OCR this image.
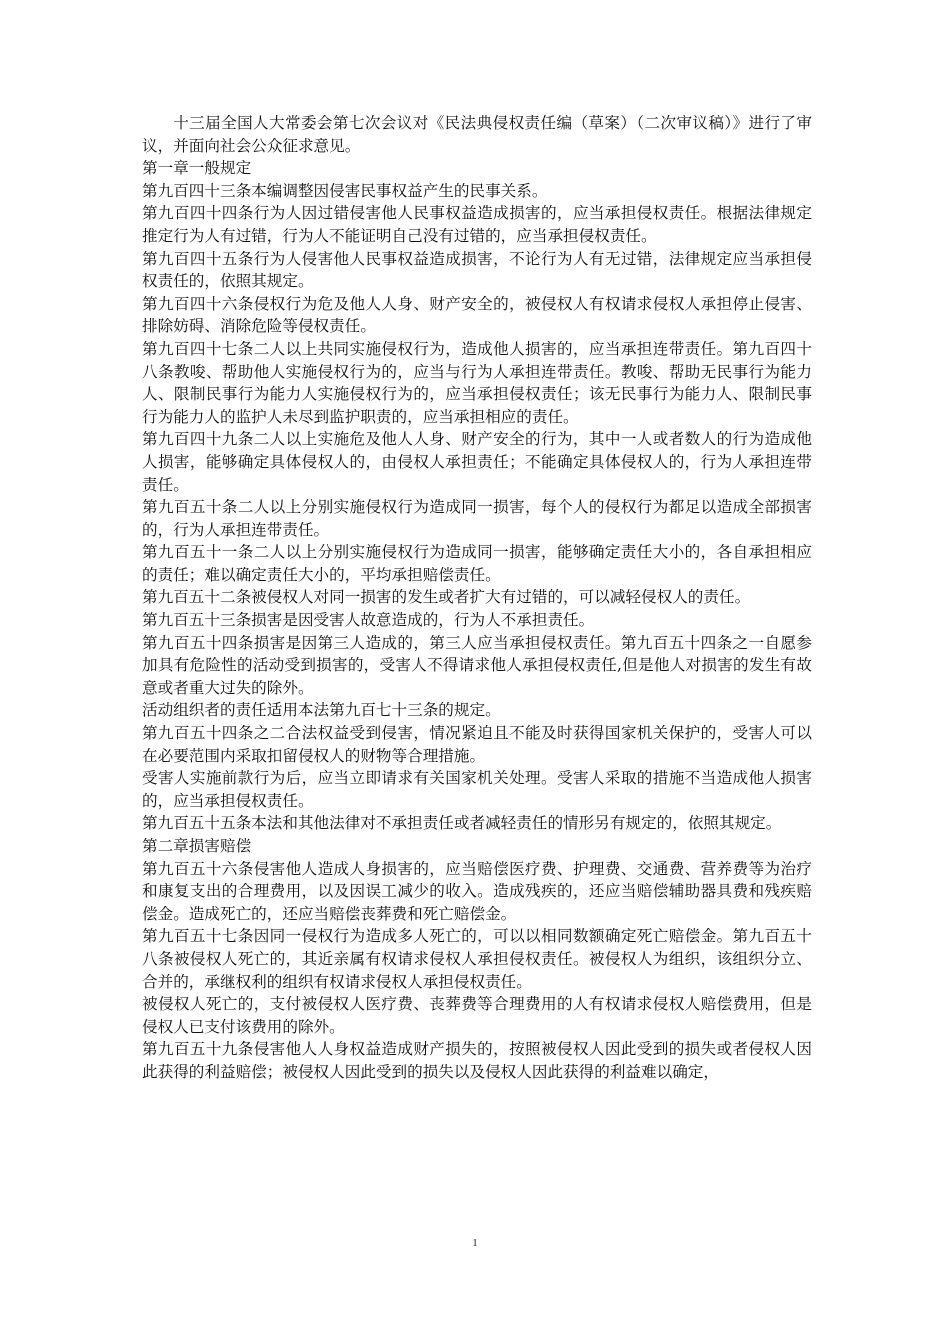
十三届全国人大常委会第七次会议对《民法典侵权责任编（草案）（二次审议稿）》进行了审议，并面向社会公众征求意见。

第一章一般规定

第九百四十三条本编调整因侵害民事权益产生的民事关系。

第九百四十四条行为人因过错侵害他人民事权益造成损害的，应当承担侵权责任。根据法律规定推定行为人有过错，行为人不能证明自己没有过错的，应当承担侵权责任。

第九百四十五条行为人侵害他人民事权益造成损害，不论行为人有无过错，法律规定应当承担侵权责任的，依照其规定。

第九百四十六条侵权行为危及他人人身、财产安全的，被侵权人有权请求侵权人承担停止侵害、排除妨碍、消除危险等侵权责任。

第九百四十七条二人以上共同实施侵权行为，造成他人损害的，应当承担连带责任。第九百四十八条教唆、帮助他人实施侵权行为的，应当与行为人承担连带责任。教唆、帮助无民事行为能力人、限制民事行为能力人实施侵权行为的，应当承担侵权责任；该无民事行为能力人、限制民事行为能力人的监护人未尽到监护职责的，应当承担相应的责任。

第九百四十九条二人以上实施危及他人人身、财产安全的行为，其中一人或者数人的行为造成他人损害，能够确定具体侵权人的，由侵权人承担责任；不能确定具体侵权人的，行为人承担连带责任。

第九百五十条二人以上分别实施侵权行为造成同一损害，每个人的侵权行为都足以造成全部损害的，行为人承担连带责任。

第九百五十一条二人以上分别实施侵权行为造成同一损害，能够确定责任大小的，各自承担相应的责任；难以确定责任大小的，平均承担赔偿责任。

第九百五十二条被侵权人对同一损害的发生或者扩大有过错的，可以减轻侵权人的责任。

第九百五十三条损害是因受害人故意造成的，行为人不承担责任。

第九百五十四条损害是因第三人造成的，第三人应当承担侵权责任。第九百五十四条之一自愿参加具有危险性的活动受到损害的，受害人不得请求他人承担侵权责任,但是他人对损害的发生有故意或者重大过失的除外。

活动组织者的责任适用本法第九百七十三条的规定。

第九百五十四条之二合法权益受到侵害，情况紧迫且不能及时获得国家机关保护的，受害人可以在必要范围内采取扣留侵权人的财物等合理措施。

受害人实施前款行为后，应当立即请求有关国家机关处理。受害人采取的措施不当造成他人损害的，应当承担侵权责任。

第九百五十五条本法和其他法律对不承担责任或者减轻责任的情形另有规定的，依照其规定。

第二章损害赔偿

第九百五十六条侵害他人造成人身损害的，应当赔偿医疗费、护理费、交通费、营养费等为治疗和康复支出的合理费用，以及因误工减少的收入。造成残疾的，还应当赔偿辅助器具费和残疾赔偿金。造成死亡的，还应当赔偿丧葬费和死亡赔偿金。

第九百五十七条因同一侵权行为造成多人死亡的，可以以相同数额确定死亡赔偿金。第九百五十八条被侵权人死亡的，其近亲属有权请求侵权人承担侵权责任。被侵权人为组织，该组织分立、合并的，承继权利的组织有权请求侵权人承担侵权责任。

被侵权人死亡的，支付被侵权人医疗费、丧葬费等合理费用的人有权请求侵权人赔偿费用，但是侵权人已支付该费用的除外。

第九百五十九条侵害他人人身权益造成财产损失的，按照被侵权人因此受到的损失或者侵权人因此获得的利益赔偿；被侵权人因此受到的损失以及侵权人因此获得的利益难以确定，

1
